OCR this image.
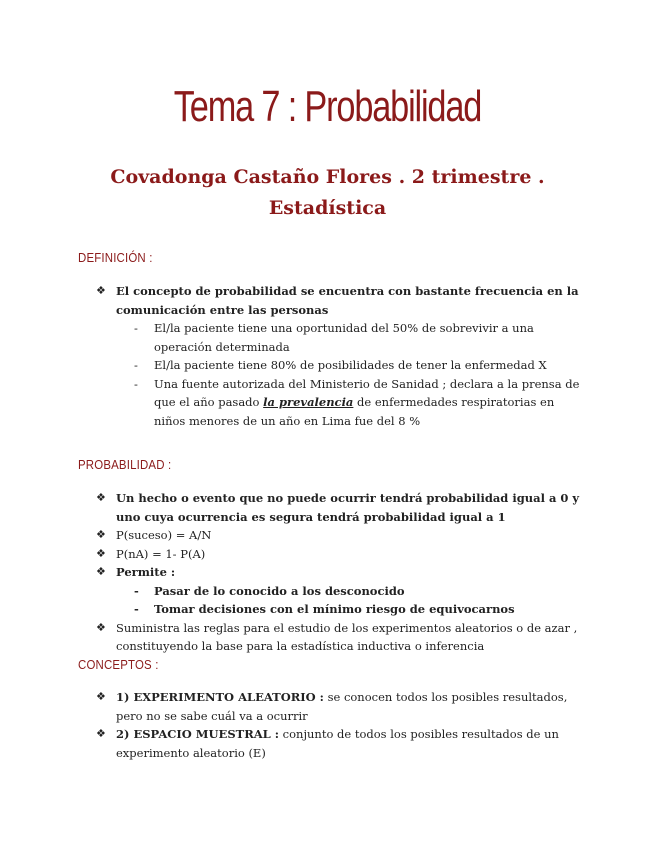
Tema 7 : Probabilidad
Covadonga Castaño Flores . 2 trimestre .
Estadística
DEFINICIÓN :
❖ El concepto de probabilidad se encuentra con bastante frecuencia en la comunicación entre las personas
- El/la paciente tiene una oportunidad del 50% de sobrevivir a una operación determinada
- El/la paciente tiene 80% de posibilidades de tener la enfermedad X
- Una fuente autorizada del Ministerio de Sanidad ; declara a la prensa de que el año pasado la prevalencia de enfermedades respiratorias en niños menores de un año en Lima fue del 8 %
PROBABILIDAD :
❖ Un hecho o evento que no puede ocurrir tendrá probabilidad igual a 0 y uno cuya ocurrencia es segura tendrá probabilidad igual a 1
❖ P(suceso) = A/N
❖ P(nA) = 1- P(A)
❖ Permite :
- Pasar de lo conocido a los desconocido
- Tomar decisiones con el mínimo riesgo de equivocarnos
❖ Suministra las reglas para el estudio de los experimentos aleatorios o de azar , constituyendo la base para la estadística inductiva o inferencia
CONCEPTOS :
❖ 1) EXPERIMENTO ALEATORIO : se conocen todos los posibles resultados, pero no se sabe cuál va a ocurrir
❖ 2) ESPACIO MUESTRAL : conjunto de todos los posibles resultados de un experimento aleatorio (E)
